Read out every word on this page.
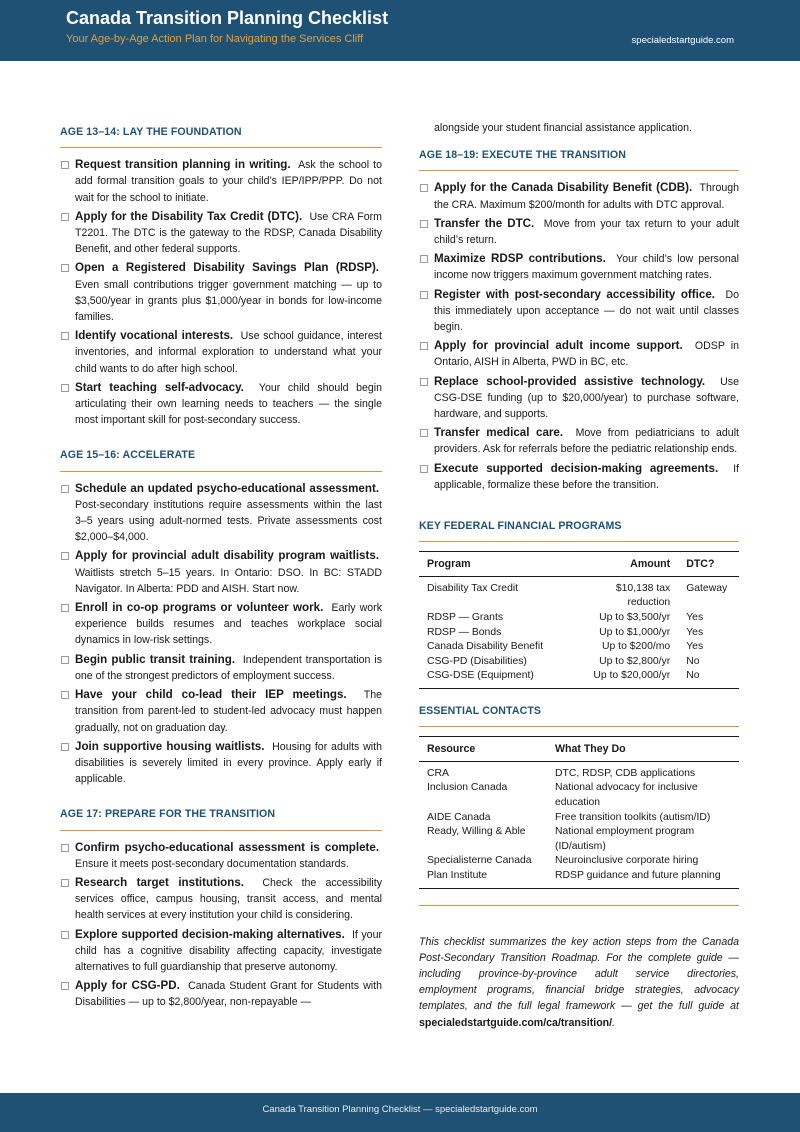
Canada Transition Planning Checklist
Your Age-by-Age Action Plan for Navigating the Services Cliff	specialedstartguide.com
AGE 13–14: LAY THE FOUNDATION
Request transition planning in writing. Ask the school to add formal transition goals to your child’s IEP/IPP/PPP. Do not wait for the school to initiate.
Apply for the Disability Tax Credit (DTC). Use CRA Form T2201. The DTC is the gateway to the RDSP, Canada Disability Benefit, and other federal supports.
Open a Registered Disability Savings Plan (RDSP).  Even small contributions trigger government matching — up to $3,500/year in grants plus $1,000/year in bonds for low-income families.
Identify vocational interests. Use school guidance, interest inventories, and informal exploration to understand what your child wants to do after high school.
Start teaching self-advocacy. Your child should begin articulating their own learning needs to teachers — the single most important skill for post-secondary success.
AGE 15–16: ACCELERATE
Schedule an updated psycho-educational assessment.  Post-secondary institutions require assessments within the last 3–5 years using adult-normed tests. Private assessments cost $2,000–$4,000.
Apply for provincial adult disability program waitlists.  Waitlists stretch 5–15 years. In Ontario: DSO. In BC: STADD Navigator. In Alberta: PDD and AISH. Start now.
Enroll in co-op programs or volunteer work. Early work experience builds resumes and teaches workplace social dynamics in low-risk settings.
Begin public transit training. Independent transportation is one of the strongest predictors of employment success.
Have your child co-lead their IEP meetings. The transition from parent-led to student-led advocacy must happen gradually, not on graduation day.
Join supportive housing waitlists. Housing for adults with disabilities is severely limited in every province. Apply early if applicable.
AGE 17: PREPARE FOR THE TRANSITION
Confirm psycho-educational assessment is complete.  Ensure it meets post-secondary documentation standards.
Research target institutions. Check the accessibility services office, campus housing, transit access, and mental health services at every institution your child is considering.
Explore supported decision-making alternatives. If your child has a cognitive disability affecting capacity, investigate alternatives to full guardianship that preserve autonomy.
Apply for CSG-PD. Canada Student Grant for Students with Disabilities — up to $2,800/year, non-repayable —
alongside your student financial assistance application.
AGE 18–19: EXECUTE THE TRANSITION
Apply for the Canada Disability Benefit (CDB). Through the CRA. Maximum $200/month for adults with DTC approval.
Transfer the DTC. Move from your tax return to your adult child’s return.
Maximize RDSP contributions. Your child’s low personal income now triggers maximum government matching rates.
Register with post-secondary accessibility office. Do this immediately upon acceptance — do not wait until classes begin.
Apply for provincial adult income support. ODSP in Ontario, AISH in Alberta, PWD in BC, etc.
Replace school-provided assistive technology. Use CSG-DSE funding (up to $20,000/year) to purchase software, hardware, and supports.
Transfer medical care. Move from pediatricians to adult providers. Ask for referrals before the pediatric relationship ends.
Execute supported decision-making agreements. If applicable, formalize these before the transition.
KEY FEDERAL FINANCIAL PROGRAMS
Program	Amount	DTC?
Disability Tax Credit	$10,138 tax reduction	Gateway
RDSP — Grants	Up to $3,500/yr	Yes
RDSP — Bonds	Up to $1,000/yr	Yes
Canada Disability Benefit	Up to $200/mo	Yes
CSG-PD (Disabilities)	Up to $2,800/yr	No
CSG-DSE (Equipment)	Up to $20,000/yr	No
ESSENTIAL CONTACTS
Resource	What They Do
CRA	DTC, RDSP, CDB applications
Inclusion Canada	National advocacy for inclusive education
AIDE Canada	Free transition toolkits (autism/ID)
Ready, Willing & Able	National employment program (ID/autism)
Specialisterne Canada	Neuroinclusive corporate hiring
Plan Institute	RDSP guidance and future planning
This checklist summarizes the key action steps from the Canada Post-Secondary Transition Roadmap. For the complete guide — including province-by-province adult service directories, employment programs, financial bridge strategies, advocacy templates, and the full legal framework — get the full guide at specialedstartguide.com/ca/transition/.
Canada Transition Planning Checklist — specialedstartguide.com
